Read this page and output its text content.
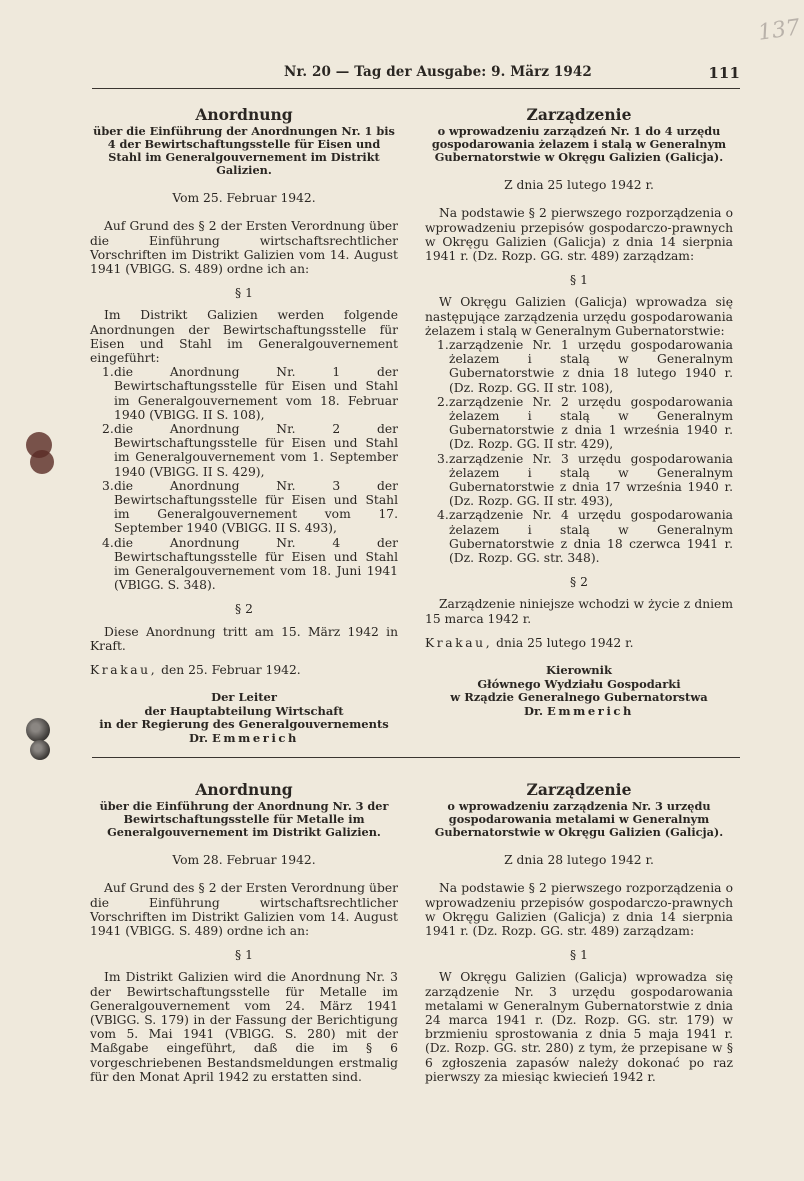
137
Nr. 20 — Tag der Ausgabe: 9. März 1942	111
Anordnung
über die Einführung der Anordnungen Nr. 1 bis 4 der Bewirtschaftungsstelle für Eisen und Stahl im Generalgouvernement im Distrikt Galizien.
Vom 25. Februar 1942.
Auf Grund des § 2 der Ersten Verordnung über die Einführung wirtschaftsrechtlicher Vorschriften im Distrikt Galizien vom 14. August 1941 (VBlGG. S. 489) ordne ich an:
§ 1
Im Distrikt Galizien werden folgende Anordnungen der Bewirtschaftungsstelle für Eisen und Stahl im Generalgouvernement eingeführt:
1. die Anordnung Nr. 1 der Bewirtschaftungsstelle für Eisen und Stahl im Generalgouvernement vom 18. Februar 1940 (VBlGG. II S. 108),
2. die Anordnung Nr. 2 der Bewirtschaftungsstelle für Eisen und Stahl im Generalgouvernement vom 1. September 1940 (VBlGG. II S. 429),
3. die Anordnung Nr. 3 der Bewirtschaftungsstelle für Eisen und Stahl im Generalgouvernement vom 17. September 1940 (VBlGG. II S. 493),
4. die Anordnung Nr. 4 der Bewirtschaftungsstelle für Eisen und Stahl im Generalgouvernement vom 18. Juni 1941 (VBlGG. S. 348).
§ 2
Diese Anordnung tritt am 15. März 1942 in Kraft.
Krakau, den 25. Februar 1942.
Der Leiter
der Hauptabteilung Wirtschaft
in der Regierung des Generalgouvernements
Dr. Emmerich
Zarządzenie
o wprowadzeniu zarządzeń Nr. 1 do 4 urzędu gospodarowania żelazem i stalą w Generalnym Gubernatorstwie w Okręgu Galizien (Galicja).
Z dnia 25 lutego 1942 r.
Na podstawie § 2 pierwszego rozporządzenia o wprowadzeniu przepisów gospodarczo-prawnych w Okręgu Galizien (Galicja) z dnia 14 sierpnia 1941 r. (Dz. Rozp. GG. str. 489) zarządzam:
§ 1
W Okręgu Galizien (Galicja) wprowadza się następujące zarządzenia urzędu gospodarowania żelazem i stalą w Generalnym Gubernatorstwie:
1. zarządzenie Nr. 1 urzędu gospodarowania żelazem i stalą w Generalnym Gubernatorstwie z dnia 18 lutego 1940 r. (Dz. Rozp. GG. II str. 108),
2. zarządzenie Nr. 2 urzędu gospodarowania żelazem i stalą w Generalnym Gubernatorstwie z dnia 1 września 1940 r. (Dz. Rozp. GG. II str. 429),
3. zarządzenie Nr. 3 urzędu gospodarowania żelazem i stalą w Generalnym Gubernatorstwie z dnia 17 września 1940 r. (Dz. Rozp. GG. II str. 493),
4. zarządzenie Nr. 4 urzędu gospodarowania żelazem i stalą w Generalnym Gubernatorstwie z dnia 18 czerwca 1941 r. (Dz. Rozp. GG. str. 348).
§ 2
Zarządzenie niniejsze wchodzi w życie z dniem 15 marca 1942 r.
Krakau, dnia 25 lutego 1942 r.
Kierownik
Głównego Wydziału Gospodarki
w Rządzie Generalnego Gubernatorstwa
Dr. Emmerich
Anordnung
über die Einführung der Anordnung Nr. 3 der Bewirtschaftungsstelle für Metalle im Generalgouvernement im Distrikt Galizien.
Vom 28. Februar 1942.
Auf Grund des § 2 der Ersten Verordnung über die Einführung wirtschaftsrechtlicher Vorschriften im Distrikt Galizien vom 14. August 1941 (VBlGG. S. 489) ordne ich an:
§ 1
Im Distrikt Galizien wird die Anordnung Nr. 3 der Bewirtschaftungsstelle für Metalle im Generalgouvernement vom 24. März 1941 (VBlGG. S. 179) in der Fassung der Berichtigung vom 5. Mai 1941 (VBlGG. S. 280) mit der Maßgabe eingeführt, daß die im § 6 vorgeschriebenen Bestandsmeldungen erstmalig für den Monat April 1942 zu erstatten sind.
Zarządzenie
o wprowadzeniu zarządzenia Nr. 3 urzędu gospodarowania metalami w Generalnym Gubernatorstwie w Okręgu Galizien (Galicja).
Z dnia 28 lutego 1942 r.
Na podstawie § 2 pierwszego rozporządzenia o wprowadzeniu przepisów gospodarczo-prawnych w Okręgu Galizien (Galicja) z dnia 14 sierpnia 1941 r. (Dz. Rozp. GG. str. 489) zarządzam:
§ 1
W Okręgu Galizien (Galicja) wprowadza się zarządzenie Nr. 3 urzędu gospodarowania metalami w Generalnym Gubernatorstwie z dnia 24 marca 1941 r. (Dz. Rozp. GG. str. 179) w brzmieniu sprostowania z dnia 5 maja 1941 r. (Dz. Rozp. GG. str. 280) z tym, że przepisane w § 6 zgłoszenia zapasów należy dokonać po raz pierwszy za miesiąc kwiecień 1942 r.
